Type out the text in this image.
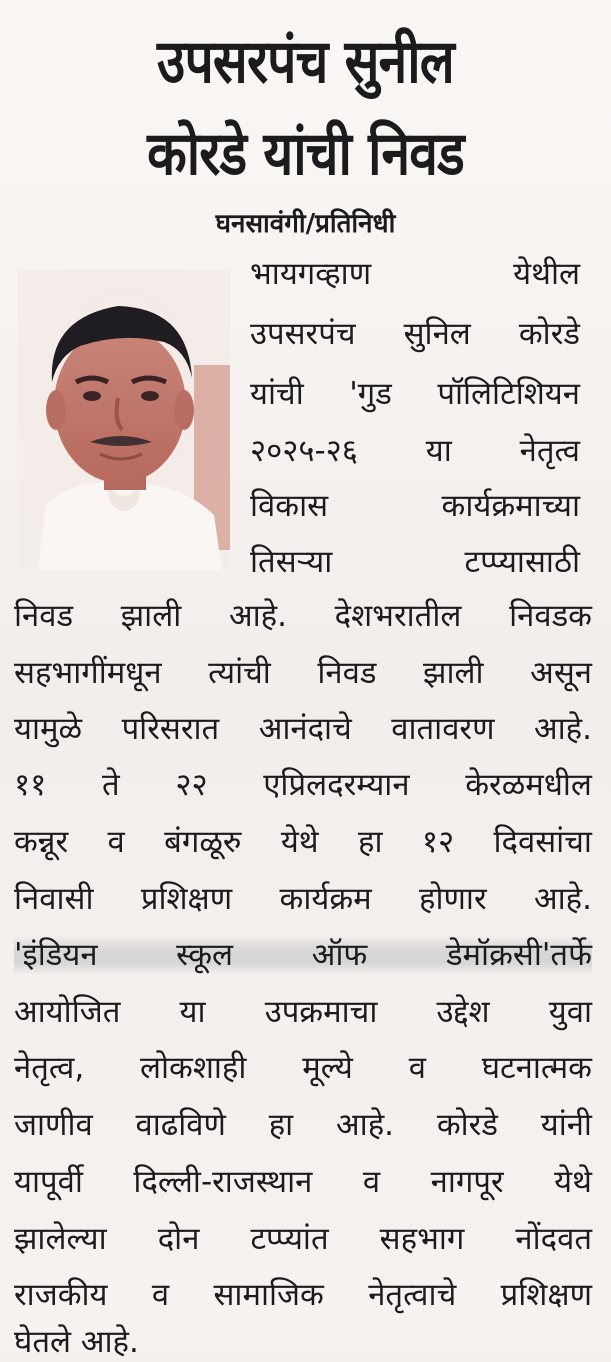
उपसरपंच सुनील
कोरडे यांची निवड
घनसावंगी/प्रतिनिधी
भायगव्हाण	येथील
उपसरपंच सुनिल कोरडे
यांची 'गुड पॉलिटिशियन
२०२५-२६ या नेतृत्व
विकास	कार्यक्रमाच्या
तिसऱ्या	टप्प्यासाठी
निवड झाली आहे. देशभरातील निवडक
सहभागींमधून त्यांची निवड झाली असून
यामुळे परिसरात आनंदाचे वातावरण आहे.
११ ते २२ एप्रिलदरम्यान केरळमधील
कन्नूर व बंगळूरु येथे हा १२ दिवसांचा
निवासी प्रशिक्षण कार्यक्रम होणार आहे.
'इंडियन	स्कूल	ऑफ	डेमॉक्रसी'तर्फे
आयोजित या उपक्रमाचा उद्देश युवा
नेतृत्व, लोकशाही मूल्ये व घटनात्मक
जाणीव वाढविणे हा आहे. कोरडे यांनी
यापूर्वी दिल्ली-राजस्थान व नागपूर येथे
झालेल्या दोन टप्प्यांत सहभाग नोंदवत
राजकीय व सामाजिक नेतृत्वाचे प्रशिक्षण
घेतले आहे.
